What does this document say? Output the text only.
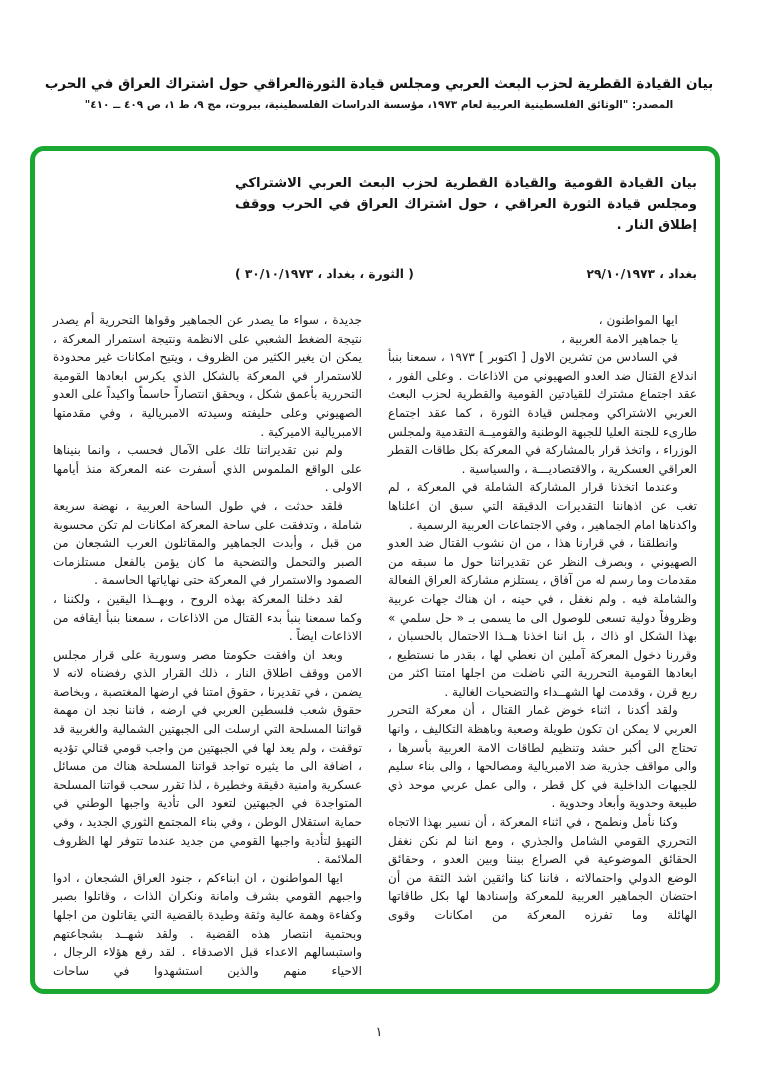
بيان القيادة القطرية لحزب البعث العربي ومجلس قيادة الثورةالعراقي حول اشتراك العراق في الحرب
المصدر: "الوثائق الفلسطينية العربية لعام ١٩٧٣، مؤسسة الدراسات الفلسطينية، بيروت، مج ٩، ط ١، ص ٤٠٩ ــ ٤١٠"
بيان القيادة القومية والقيادة القطرية لحزب البعث العربي الاشتراكي ومجلس قيادة الثورة العراقي ، حول اشتراك العراق في الحرب ووقف إطلاق النار .
بغداد ، ٢٩/١٠/١٩٧٣
( الثورة ، بغداد ، ٣٠/١٠/١٩٧٣ )

ايها المواطنون ،

يا جماهير الامة العربية ،

في السادس من تشرين الاول [ اكتوبر ] ١٩٧٣ ، سمعنا بنبأ اندلاع القتال ضد العدو الصهيوني من الاذاعات . وعلى الفور ، عقد اجتماع مشترك للقيادتين القومية والقطرية لحزب البعث العربي الاشتراكي ومجلس قيادة الثورة ، كما عقد اجتماع طارىء للجنة العليا للجبهة الوطنية والقوميــة التقدمية ولمجلس الوزراء ، واتخذ قرار بالمشاركة في المعركة بكل طاقات القطر العراقي العسكرية ، والاقتصاديـــة ، والسياسية .

وعندما اتخذنا قرار المشاركة الشاملة في المعركة ، لم تغب عن اذهاننا التقديرات الدقيقة التي سبق ان اعلناها واكدناها امام الجماهير ، وفي الاجتماعات العربية الرسمية .

وانطلقنا ، في قرارنا هذا ، من ان نشوب القتال ضد العدو الصهيوني ، وبصرف النظر عن تقديراتنا حول ما سبقه من مقدمات وما رسم له من آفاق ، يستلزم مشاركة العراق الفعالة والشاملة فيه . ولم نغفل ، في حينه ، ان هناك جهات عربية وظروفاً دولية تسعى للوصول الى ما يسمى بـ « حل سلمي » بهذا الشكل او ذاك ، بل اننا اخذنا هــذا الاحتمال بالحسبان ، وقررنا دخول المعركة آملين ان نعطي لها ، بقدر ما نستطيع ، ابعادها القومية التحررية التي ناضلت من اجلها امتنا اكثر من ربع قرن ، وقدمت لها الشهــداء والتضحيات الغالية .

ولقد أكدنا ، اثناء خوض غمار القتال ، أن معركة التحرر العربي لا يمكن ان تكون طويلة وصعبة وباهظة التكاليف ، وانها تحتاج الى أكبر حشد وتنظيم لطاقات الامة العربية بأسرها ، والى مواقف جذرية ضد الامبريالية ومصالحها ، والى بناء سليم للجبهات الداخلية في كل قطر ، والى عمل عربي موحد ذي طبيعة وحدوية وأبعاد وحدوية .

وكنا نأمل ونطمح ، في اثناء المعركة ، أن نسير بهذا الاتجاه التحرري القومي الشامل والجذري ، ومع اننا لم نكن نغفل الحقائق الموضوعية في الصراع بيننا وبين العدو ، وحقائق الوضع الدولي واحتمالاته ، فاننا كنا واثقين اشد الثقة من أن احتضان الجماهير العربية للمعركة وإسنادها لها بكل طاقاتها الهائلة وما تفرزه المعركة من امكانات وقوى

جديدة ، سواء ما يصدر عن الجماهير وقواها التحررية أم يصدر نتيجة الضغط الشعبي على الانظمة ونتيجة استمرار المعركة ، يمكن ان يغير الكثير من الظروف ، ويتيح امكانات غير محدودة للاستمرار في المعركة بالشكل الذي يكرس ابعادها القومية التحررية بأعمق شكل ، ويحقق انتصاراً حاسماً واكيداً على العدو الصهيوني وعلى حليفته وسيدته الامبريالية ، وفي مقدمتها الامبريالية الاميركية .

ولم نبن تقديراتنا تلك على الآمال فحسب ، وانما بنيناها على الواقع الملموس الذي أسفرت عنه المعركة منذ أيامها الاولى .

فلقد حدثت ، في طول الساحة العربية ، نهضة سريعة شاملة ، وتدفقت على ساحة المعركة امكانات لم تكن محسوبة من قبل ، وأبدت الجماهير والمقاتلون العرب الشجعان من الصبر والتحمل والتضحية ما كان يؤمن بالفعل مستلزمات الصمود والاستمرار في المعركة حتى نهاياتها الحاسمة .

لقد دخلنا المعركة بهذه الروح ، وبهــذا اليقين ، ولكننا ، وكما سمعنا بنبأ بدء القتال من الاذاعات ، سمعنا بنبأ ايقافه من الاذاعات ايضاً .

وبعد ان وافقت حكومتا مصر وسورية على قرار مجلس الامن ووقف اطلاق النار ، ذلك القرار الذي رفضناه لانه لا يضمن ، في تقديرنا ، حقوق امتنا في ارضها المغتصبة ، وبخاصة حقوق شعب فلسطين العربي في ارضه ، فاننا نجد ان مهمة قواتنا المسلحة التي ارسلت الى الجبهتين الشمالية والغربية قد توقفت ، ولم يعد لها في الجبهتين من واجب قومي قتالي تؤديه ، اضافة الى ما يثيره تواجد قواتنا المسلحة هناك من مسائل عسكرية وامنية دقيقة وخطيرة ، لذا تقرر سحب قواتنا المسلحة المتواجدة في الجبهتين لتعود الى تأدية واجبها الوطني في حماية استقلال الوطن ، وفي بناء المجتمع الثوري الجديد ، وفي التهيؤ لتأدية واجبها القومي من جديد عندما تتوفر لها الظروف الملائمة .

ايها المواطنون ، ان ابناءكم ، جنود العراق الشجعان ، ادوا واجبهم القومي بشرف وامانة ونكران الذات ، وقاتلوا بصبر وكفاءة وهمة عالية وثقة وطيدة بالقضية التي يقاتلون من اجلها وبحتمية انتصار هذه القضية . ولقد شهــد بشجاعتهم واستبسالهم الاعداء قبل الاصدقاء . لقد رفع هؤلاء الرجال ، الاحياء منهم والذين استشهدوا في ساحات

١
